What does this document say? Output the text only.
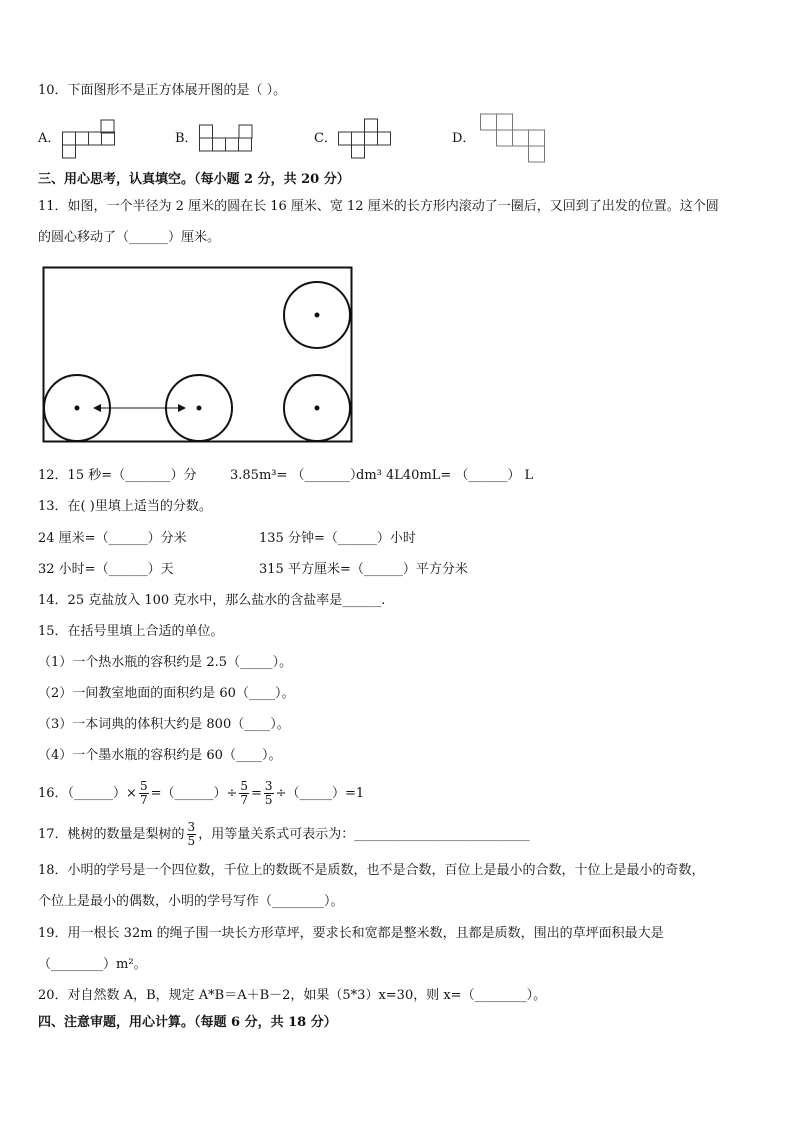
10．下面图形不是正方体展开图的是（ ）。
A．	B．	C．	D．
三、用心思考，认真填空。（每小题 2 分，共 20 分）
11．如图，一个半径为 2 厘米的圆在长 16 厘米、宽 12 厘米的长方形内滚动了一圈后，又回到了出发的位置。这个圆
的圆心移动了（______）厘米。
12．15 秒=（_______）分	3.85m³= （_______）
dm³ 4L40mL= （______） L
13．在( )里填上适当的分数。
24 厘米=（______）分米	135 分钟=（______）小时
32 小时=（______）天	315 平方厘米=（______）平方分米
14．25 克盐放入 100 克水中，那么盐水的含盐率是______.
15．在括号里填上合适的单位。
（1）一个热水瓶的容积约是 2.5（_____）。
（2）一间教室地面的面积约是 60（____）。
（3）一本词典的体积大约是 800（____）。
（4）一个墨水瓶的容积约是 60（____）。
16．（______）× $\frac{5}{7}$ =（______）÷ $\frac{5}{7} = \frac{3}{5}$ ÷（_____）=1
17．桃树的数量是梨树的 $\frac{3}{5}$ ，用等量关系式可表示为：___________________________
18．小明的学号是一个四位数，千位上的数既不是质数，也不是合数，百位上是最小的合数，十位上是最小的奇数，
个位上是最小的偶数，小明的学号写作（________）。
19．用一根长 32m 的绳子围一块长方形草坪，要求长和宽都是整米数，且都是质数，围出的草坪面积最大是
（________）m²。
20．对自然数 A，B，规定 A*B＝A＋B－2，如果（5*3）x=30，则 x=（________）。
四、注意审题，用心计算。（每题 6 分，共 18 分）
